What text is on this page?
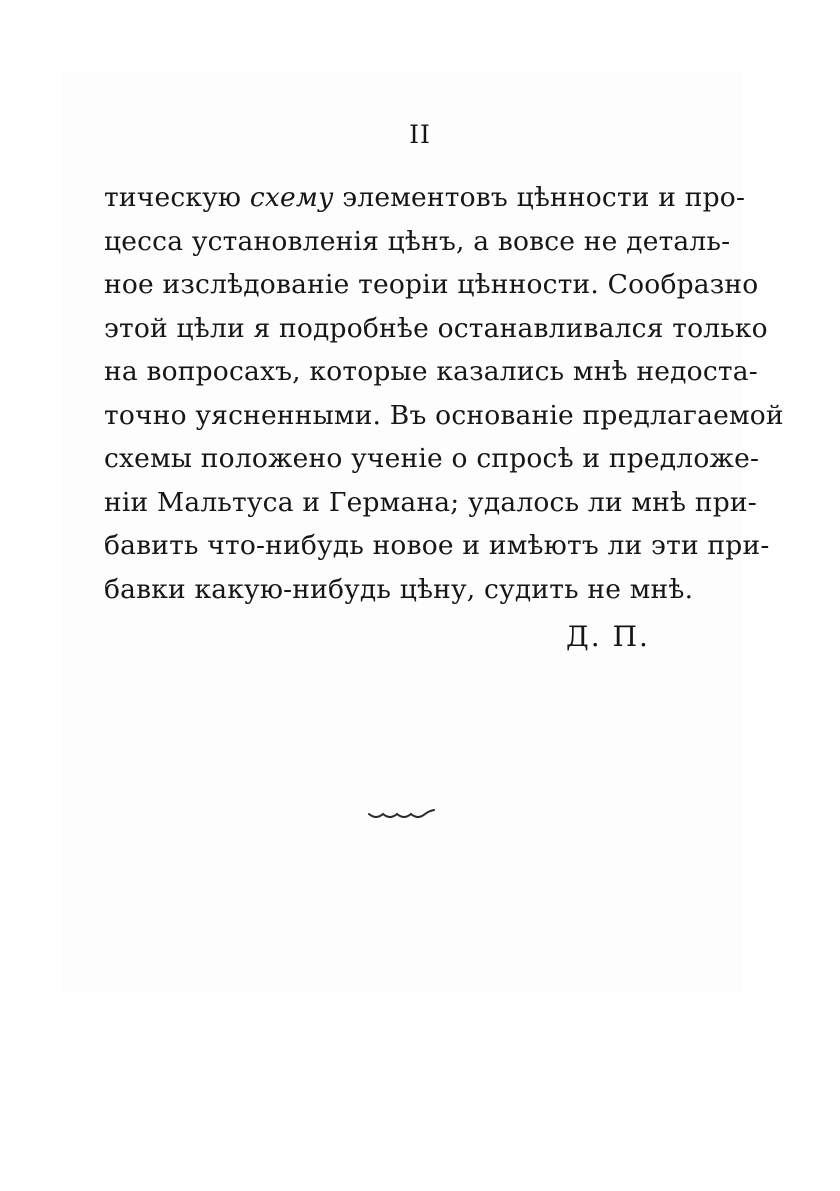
II
тическую схему элементовъ цѣнности и про-
цесса установленія цѣнъ, а вовсе не деталь-
ное изслѣдованіе теоріи цѣнности. Сообразно
этой цѣли я подробнѣе останавливался только
на вопросахъ, которые казались мнѣ недоста-
точно уясненными. Въ основаніе предлагаемой
схемы положено ученіе о спросѣ и предложе-
ніи Мальтуса и Германа; удалось ли мнѣ при-
бавить что-нибудь новое и имѣютъ ли эти при-
бавки какую-нибудь цѣну, судить не мнѣ.
Д. П.
